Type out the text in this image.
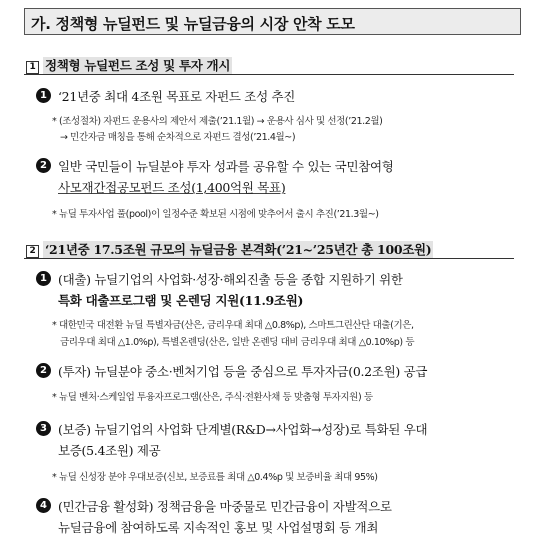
가. 정책형 뉴딜펀드 및 뉴딜금융의 시장 안착 도모
1 정책형 뉴딜펀드 조성 및 투자 개시
1 ‘21년중 최대 4조원 목표로 자펀드 조성 추진
* (조성절차) 자펀드 운용사의 제안서 제출(’21.1월) → 운용사 심사 및 선정(’21.2월)
→ 민간자금 매칭을 통해 순차적으로 자펀드 결성(’21.4월~)
2 일반 국민들이 뉴딜분야 투자 성과를 공유할 수 있는 국민참여형
사모재간접공모펀드 조성(1,400억원 목표)
* 뉴딜 투자사업 풀(pool)이 일정수준 확보된 시점에 맞추어서 출시 추진(’21.3월~)
2 ‘21년중 17.5조원 규모의 뉴딜금융 본격화(’21~’25년간 총 100조원)
1 (대출) 뉴딜기업의 사업화·성장·해외진출 등을 종합 지원하기 위한
특화 대출프로그램 및 온렌딩 지원(11.9조원)
* 대한민국 대전환 뉴딜 특별자금(산은, 금리우대 최대 △0.8%p), 스마트그린산단 대출(기은,
금리우대 최대 △1.0%p), 특별온렌딩(산은, 일반 온렌딩 대비 금리우대 최대 △0.10%p) 등
2 (투자) 뉴딜분야 중소·벤처기업 등을 중심으로 투자자금(0.2조원) 공급
* 뉴딜 벤처·스케일업 투융자프로그램(산은, 주식·전환사채 등 맞춤형 투자지원) 등
3 (보증) 뉴딜기업의 사업화 단계별(R&D→사업화→성장)로 특화된 우대
보증(5.4조원) 제공
* 뉴딜 신성장 분야 우대보증(신보, 보증료를 최대 △0.4%p 및 보증비율 최대 95%)
4 (민간금융 활성화) 정책금융을 마중물로 민간금융이 자발적으로
뉴딜금융에 참여하도록 지속적인 홍보 및 사업설명회 등 개최
